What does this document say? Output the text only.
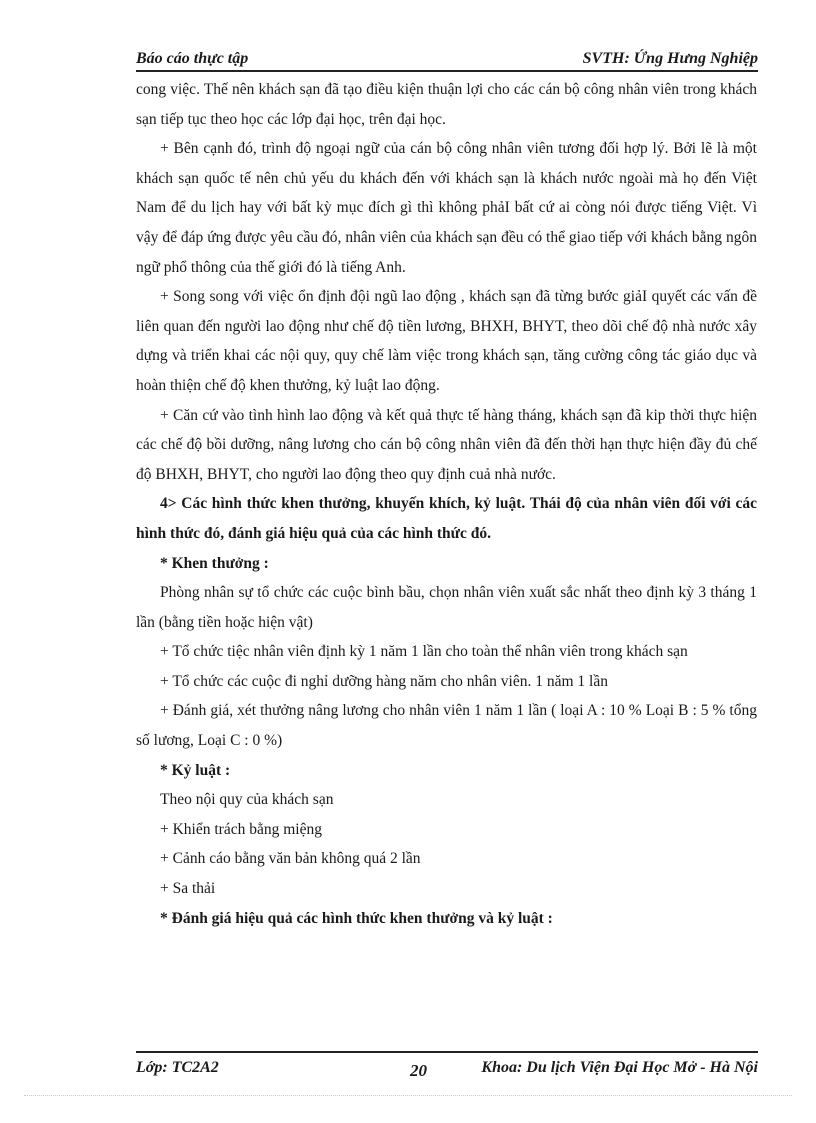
Báo cáo thực tập	SVTH: Ứng Hưng Nghiệp

cong việc. Thế nên khách sạn đã tạo điều kiện thuận lợi cho các cán bộ công nhân viên trong khách sạn tiếp tục theo học các lớp đại học, trên đại học.

+ Bên cạnh đó, trình độ ngoại ngữ của cán bộ công nhân viên tương đối hợp lý. Bởi lẽ là một khách sạn quốc tế nên chủ yếu du khách đến với khách sạn là khách nước ngoài mà họ đến Việt Nam để du lịch hay với bất kỳ mục đích gì thì không phảI bất cứ ai còng nói được tiếng Việt. Vì vậy để đáp ứng được yêu cầu đó, nhân viên của khách sạn đều có thể giao tiếp với khách bằng ngôn ngữ phổ thông của thế giới đó là tiếng Anh.

+ Song song với việc ổn định đội ngũ lao động , khách sạn đã từng bước giảI quyết các vấn đề liên quan đến người lao động như chế độ tiền lương, BHXH, BHYT, theo dõi chế độ nhà nước xây dựng và triển khai các nội quy, quy chế làm việc trong khách sạn, tăng cường công tác giáo dục và hoàn thiện chế độ khen thưởng, kỷ luật lao động.

+ Căn cứ vào tình hình lao động và kết quả thực tế hàng tháng, khách sạn đã kip thời thực hiện các chế độ bồi dưỡng, nâng lương cho cán bộ công nhân viên đã đến thời hạn thực hiện đầy đủ chế độ BHXH, BHYT, cho người lao động theo quy định cuả nhà nước.

4> Các hình thức khen thưởng, khuyến khích, kỷ luật. Thái độ của nhân viên đối với các hình thức đó, đánh giá hiệu quả của các hình thức đó.

* Khen thưởng :

Phòng nhân sự tổ chức các cuộc bình bầu, chọn nhân viên xuất sắc nhất theo định kỳ 3 tháng 1 lần (bằng tiền hoặc hiện vật)

+ Tổ chức tiệc nhân viên định kỳ 1 năm 1 lần cho toàn thể nhân viên trong khách sạn

+ Tổ chức các cuộc đi nghỉ dưỡng hàng năm cho nhân viên. 1 năm 1 lần

+ Đánh giá, xét thưởng nâng lương cho nhân viên 1 năm 1 lần ( loại A : 10 % Loại B : 5 % tổng số lương, Loại C : 0 %)

* Kỷ luật :

Theo nội quy của khách sạn

+ Khiển trách bằng miệng

+ Cảnh cáo bằng văn bản không quá 2 lần

+ Sa thải

* Đánh giá hiệu quả các hình thức khen thưởng và kỷ luật :

Lớp: TC2A2	20	Khoa: Du lịch Viện Đại Học Mở - Hà Nội
